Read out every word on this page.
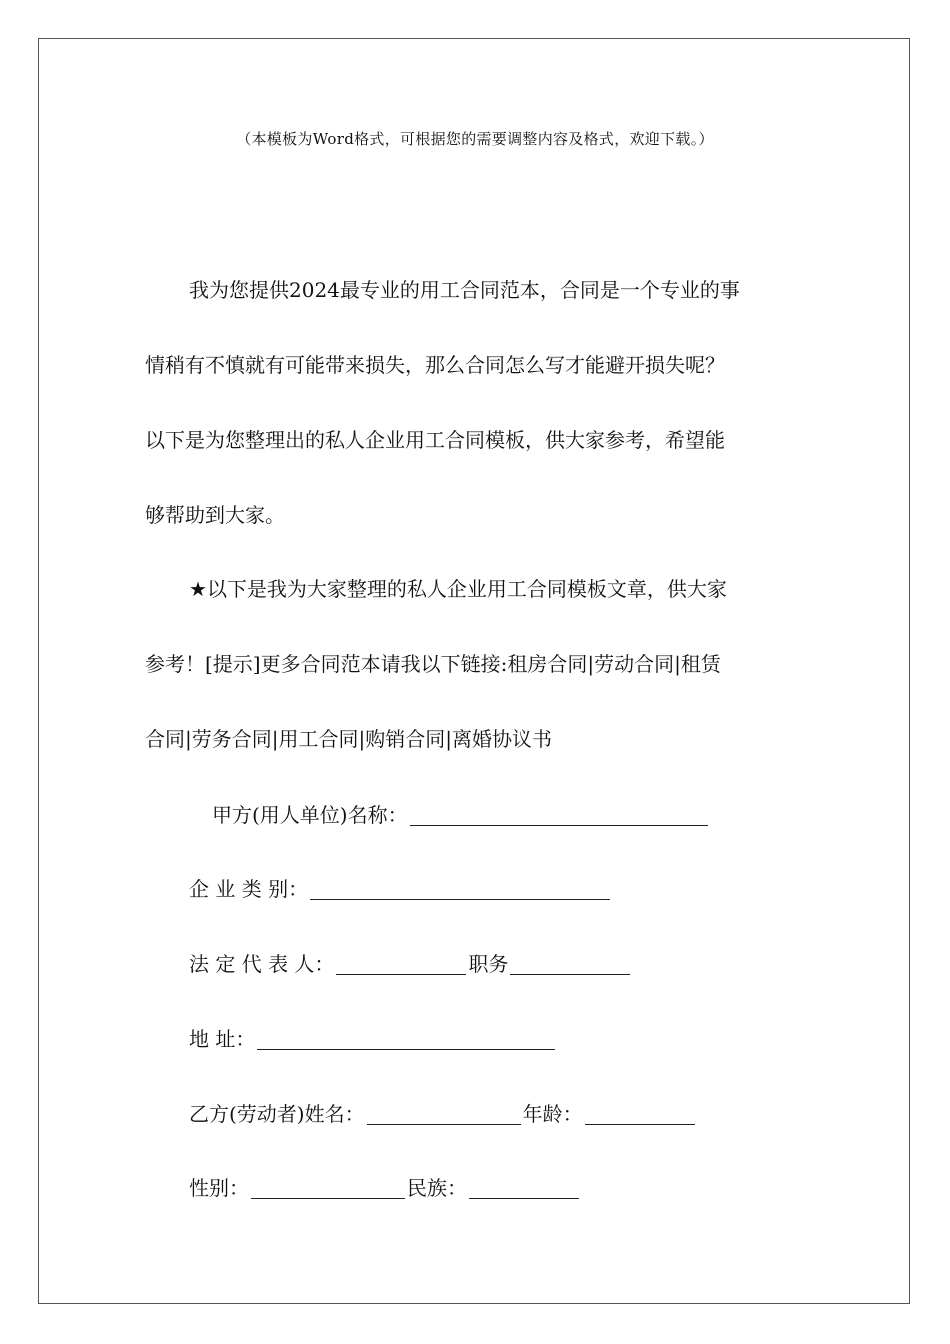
（本模板为Word格式，可根据您的需要调整内容及格式，欢迎下载。）
我为您提供2024最专业的用工合同范本，合同是一个专业的事
情稍有不慎就有可能带来损失，那么合同怎么写才能避开损失呢？
以下是为您整理出的私人企业用工合同模板，供大家参考，希望能
够帮助到大家。
★以下是我为大家整理的私人企业用工合同模板文章，供大家
参考！[提示]更多合同范本请我以下链接:租房合同|劳动合同|租赁
合同|劳务合同|用工合同|购销合同|离婚协议书
甲方(用人单位)名称：
企 业 类 别：
法 定 代 表 人：	职务
地 址：
乙方(劳动者)姓名：	年龄：
性别：	民族：
